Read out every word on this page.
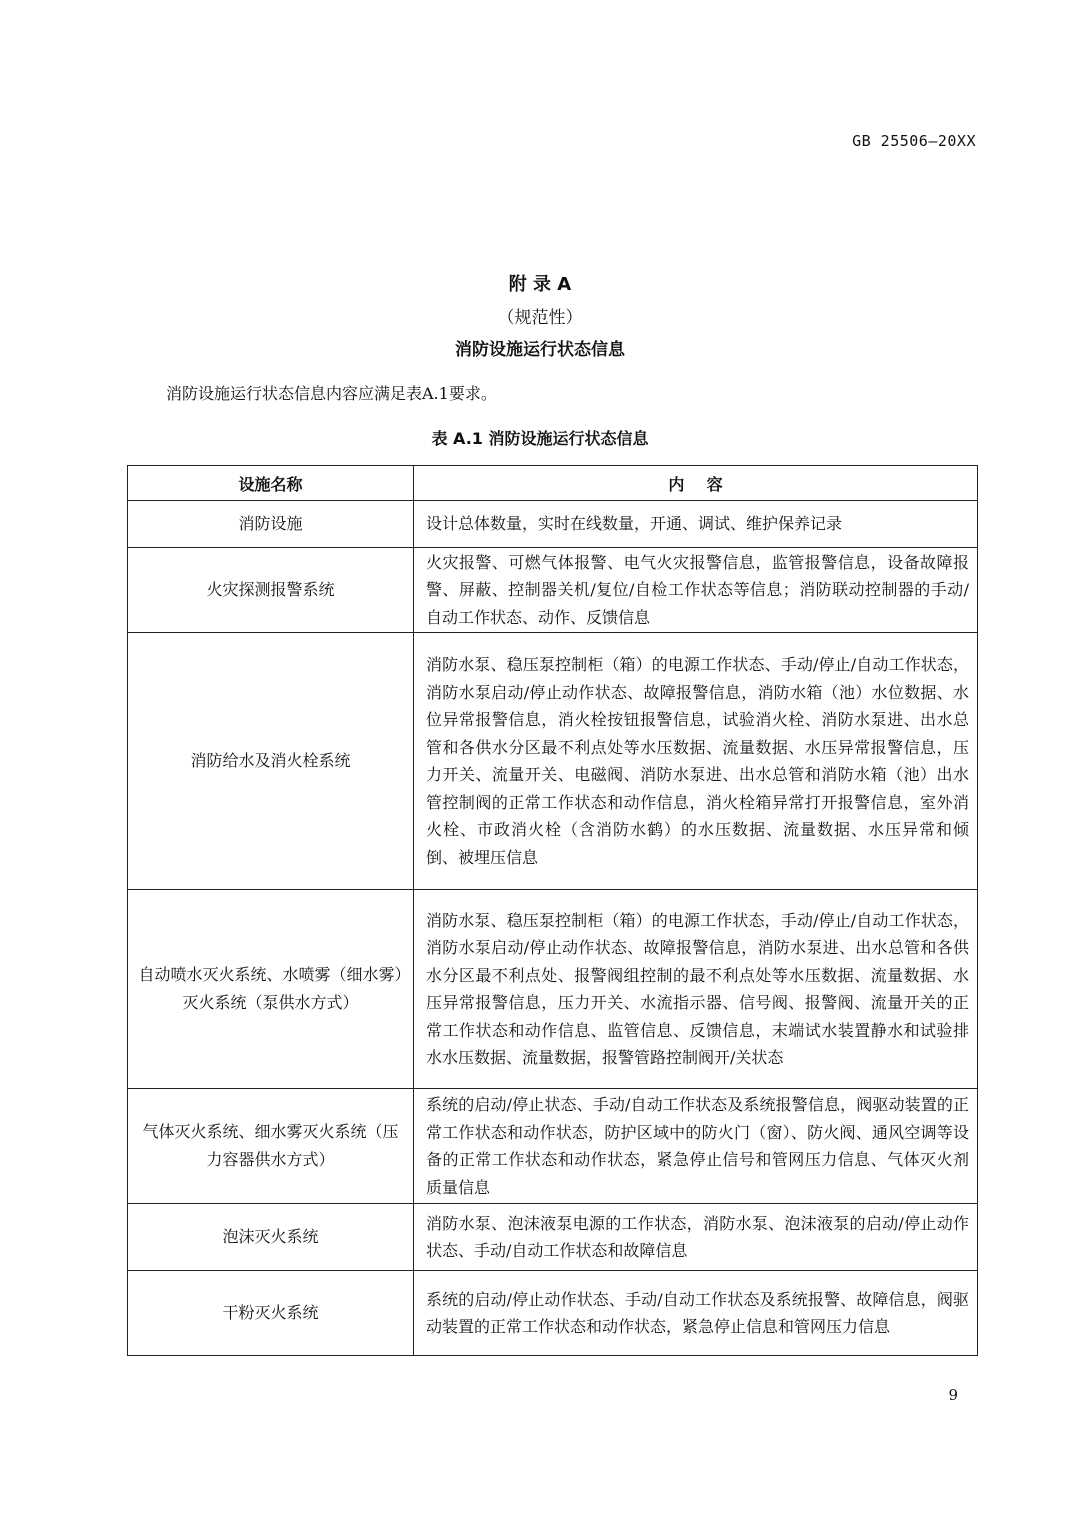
GB 25506—20XX
附 录 A
（规范性）
消防设施运行状态信息
消防设施运行状态信息内容应满足表A.1要求。
表 A.1 消防设施运行状态信息
设施名称	内    容
消防设施	设计总体数量，实时在线数量，开通、调试、维护保养记录
火灾探测报警系统	火灾报警、可燃气体报警、电气火灾报警信息，监管报警信息，设备故障报警、屏蔽、控制器关机/复位/自检工作状态等信息；消防联动控制器的手动/自动工作状态、动作、反馈信息
消防给水及消火栓系统	消防水泵、稳压泵控制柜（箱）的电源工作状态、手动/停止/自动工作状态，消防水泵启动/停止动作状态、故障报警信息，消防水箱（池）水位数据、水位异常报警信息，消火栓按钮报警信息，试验消火栓、消防水泵进、出水总管和各供水分区最不利点处等水压数据、流量数据、水压异常报警信息，压力开关、流量开关、电磁阀、消防水泵进、出水总管和消防水箱（池）出水管控制阀的正常工作状态和动作信息，消火栓箱异常打开报警信息，室外消火栓、市政消火栓（含消防水鹤）的水压数据、流量数据、水压异常和倾倒、被埋压信息
自动喷水灭火系统、水喷雾（细水雾）灭火系统（泵供水方式）	消防水泵、稳压泵控制柜（箱）的电源工作状态，手动/停止/自动工作状态，消防水泵启动/停止动作状态、故障报警信息，消防水泵进、出水总管和各供水分区最不利点处、报警阀组控制的最不利点处等水压数据、流量数据、水压异常报警信息，压力开关、水流指示器、信号阀、报警阀、流量开关的正常工作状态和动作信息、监管信息、反馈信息，末端试水装置静水和试验排水水压数据、流量数据，报警管路控制阀开/关状态
气体灭火系统、细水雾灭火系统（压力容器供水方式）	系统的启动/停止状态、手动/自动工作状态及系统报警信息，阀驱动装置的正常工作状态和动作状态，防护区域中的防火门（窗）、防火阀、通风空调等设备的正常工作状态和动作状态，紧急停止信号和管网压力信息、气体灭火剂质量信息
泡沫灭火系统	消防水泵、泡沫液泵电源的工作状态，消防水泵、泡沫液泵的启动/停止动作状态、手动/自动工作状态和故障信息
干粉灭火系统	系统的启动/停止动作状态、手动/自动工作状态及系统报警、故障信息，阀驱动装置的正常工作状态和动作状态，紧急停止信息和管网压力信息
9
